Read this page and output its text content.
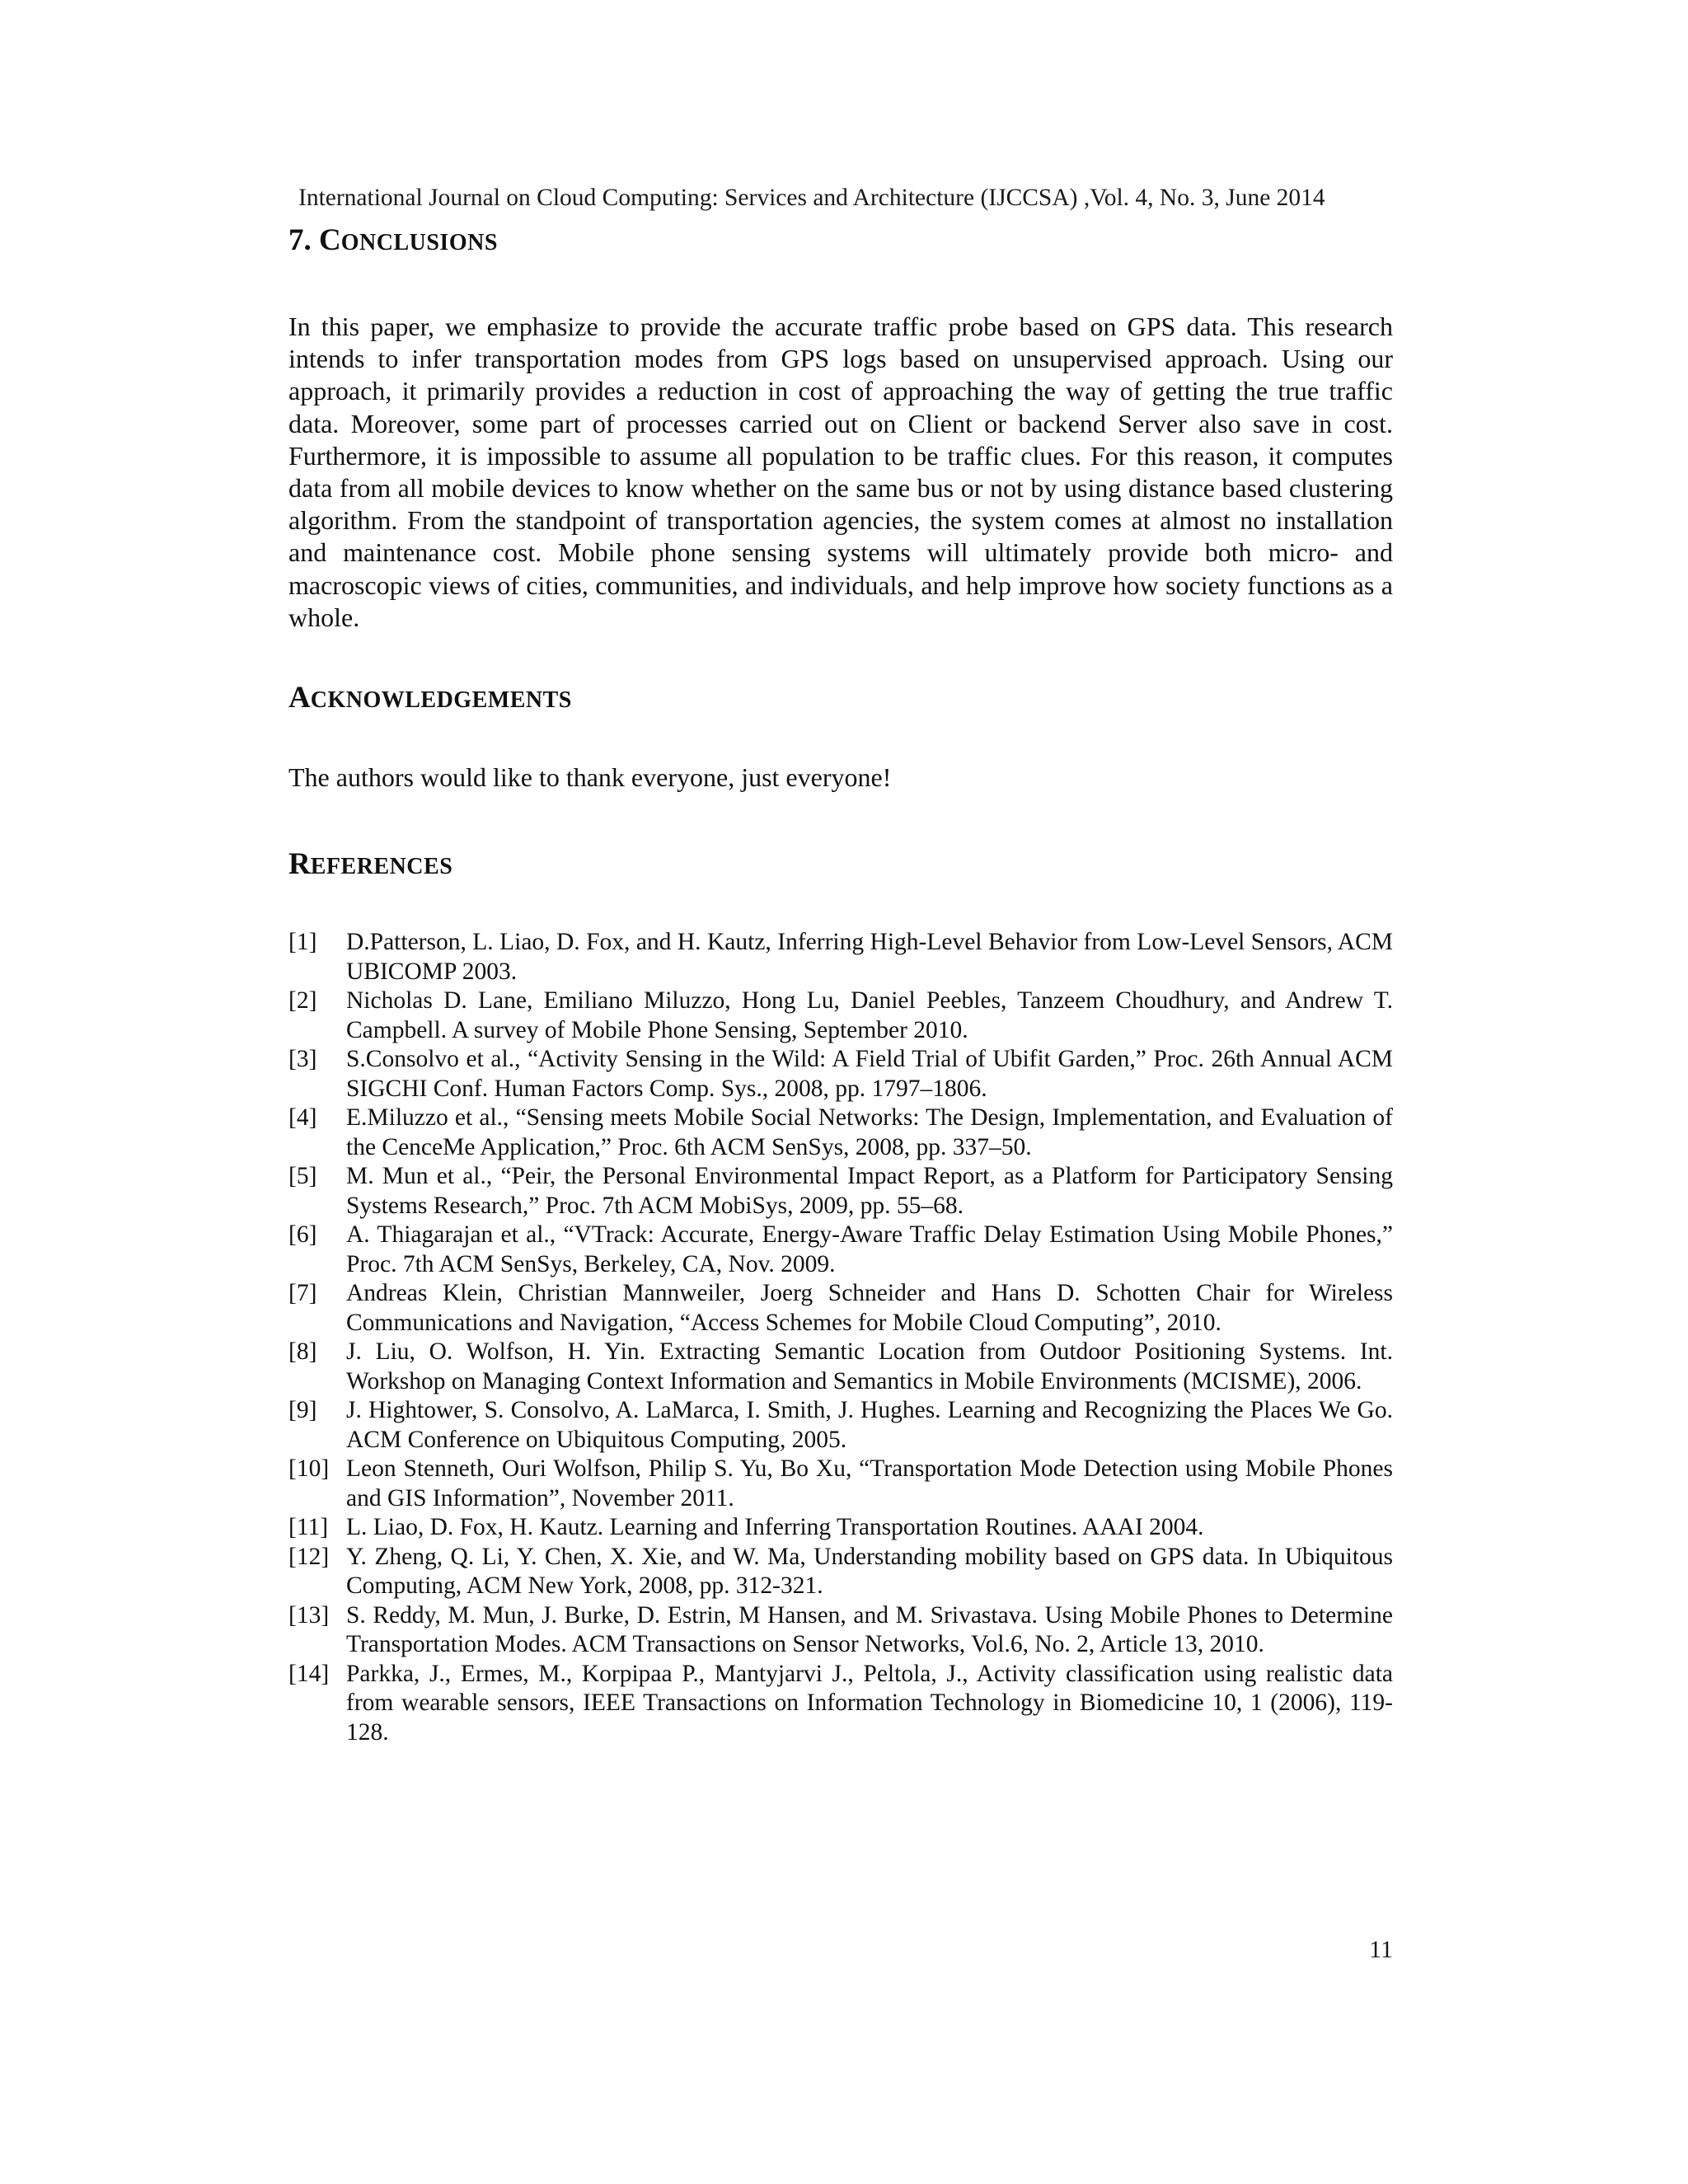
International Journal on Cloud Computing: Services and Architecture (IJCCSA) ,Vol. 4, No. 3, June 2014
7. CONCLUSIONS

In this paper, we emphasize to provide the accurate traffic probe based on GPS data. This research intends to infer transportation modes from GPS logs based on unsupervised approach. Using our approach, it primarily provides a reduction in cost of approaching the way of getting the true traffic data. Moreover, some part of processes carried out on Client or backend Server also save in cost. Furthermore, it is impossible to assume all population to be traffic clues. For this reason, it computes data from all mobile devices to know whether on the same bus or not by using distance based clustering algorithm. From the standpoint of transportation agencies, the system comes at almost no installation and maintenance cost. Mobile phone sensing systems will ultimately provide both micro- and macroscopic views of cities, communities, and individuals, and help improve how society functions as a whole.

ACKNOWLEDGEMENTS

The authors would like to thank everyone, just everyone!

REFERENCES
[1]	D.Patterson, L. Liao, D. Fox, and H. Kautz, Inferring High-Level Behavior from Low-Level Sensors, ACM UBICOMP 2003.
[2]	Nicholas D. Lane, Emiliano Miluzzo, Hong Lu, Daniel Peebles, Tanzeem Choudhury, and Andrew T. Campbell. A survey of Mobile Phone Sensing, September 2010.
[3]	S.Consolvo et al., “Activity Sensing in the Wild: A Field Trial of Ubifit Garden,” Proc. 26th Annual ACM SIGCHI Conf. Human Factors Comp. Sys., 2008, pp. 1797–1806.
[4]	E.Miluzzo et al., “Sensing meets Mobile Social Networks: The Design, Implementation, and Evaluation of the CenceMe Application,” Proc. 6th ACM SenSys, 2008, pp. 337–50.
[5]	M. Mun et al., “Peir, the Personal Environmental Impact Report, as a Platform for Participatory Sensing Systems Research,” Proc. 7th ACM MobiSys, 2009, pp. 55–68.
[6]	A. Thiagarajan et al., “VTrack: Accurate, Energy-Aware Traffic Delay Estimation Using Mobile Phones,” Proc. 7th ACM SenSys, Berkeley, CA, Nov. 2009.
[7]	Andreas Klein, Christian Mannweiler, Joerg Schneider and Hans D. Schotten Chair for Wireless Communications and Navigation, “Access Schemes for Mobile Cloud Computing”, 2010.
[8]	J. Liu, O. Wolfson, H. Yin. Extracting Semantic Location from Outdoor Positioning Systems. Int. Workshop on Managing Context Information and Semantics in Mobile Environments (MCISME), 2006.
[9]	J. Hightower, S. Consolvo, A. LaMarca, I. Smith, J. Hughes. Learning and Recognizing the Places We Go. ACM Conference on Ubiquitous Computing, 2005.
[10] Leon Stenneth, Ouri Wolfson, Philip S. Yu, Bo Xu, “Transportation Mode Detection using Mobile Phones and GIS Information”, November 2011.
[11] L. Liao, D. Fox, H. Kautz. Learning and Inferring Transportation Routines. AAAI 2004.
[12] Y. Zheng, Q. Li, Y. Chen, X. Xie, and W. Ma, Understanding mobility based on GPS data. In Ubiquitous Computing, ACM New York, 2008, pp. 312-321.
[13] S. Reddy, M. Mun, J. Burke, D. Estrin, M Hansen, and M. Srivastava. Using Mobile Phones to Determine Transportation Modes. ACM Transactions on Sensor Networks, Vol.6, No. 2, Article 13, 2010.
[14] Parkka, J., Ermes, M., Korpipaa P., Mantyjarvi J., Peltola, J., Activity classification using realistic data from wearable sensors, IEEE Transactions on Information Technology in Biomedicine 10, 1 (2006), 119-128.
11
